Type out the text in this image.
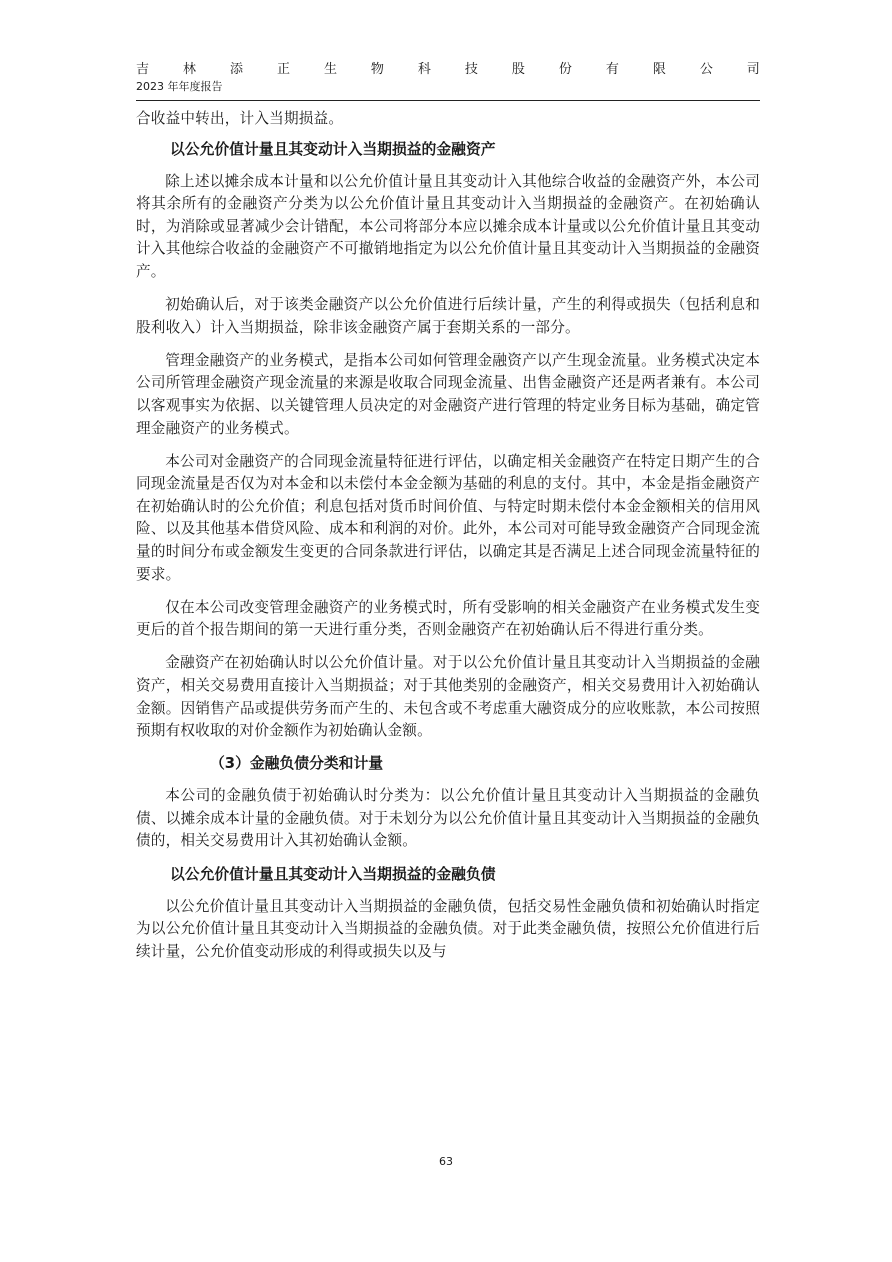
吉	林	添	正	生	物	科	技	股	份	有	限	公	司
2023 年年度报告

合收益中转出，计入当期损益。

以公允价值计量且其变动计入当期损益的金融资产

除上述以摊余成本计量和以公允价值计量且其变动计入其他综合收益的金融资产外，本公司将其余所有的金融资产分类为以公允价值计量且其变动计入当期损益的金融资产。在初始确认时，为消除或显著减少会计错配，本公司将部分本应以摊余成本计量或以公允价值计量且其变动计入其他综合收益的金融资产不可撤销地指定为以公允价值计量且其变动计入当期损益的金融资产。

初始确认后，对于该类金融资产以公允价值进行后续计量，产生的利得或损失（包括利息和股利收入）计入当期损益，除非该金融资产属于套期关系的一部分。

管理金融资产的业务模式，是指本公司如何管理金融资产以产生现金流量。业务模式决定本公司所管理金融资产现金流量的来源是收取合同现金流量、出售金融资产还是两者兼有。本公司以客观事实为依据、以关键管理人员决定的对金融资产进行管理的特定业务目标为基础，确定管理金融资产的业务模式。

本公司对金融资产的合同现金流量特征进行评估，以确定相关金融资产在特定日期产生的合同现金流量是否仅为对本金和以未偿付本金金额为基础的利息的支付。其中，本金是指金融资产在初始确认时的公允价值；利息包括对货币时间价值、与特定时期未偿付本金金额相关的信用风险、以及其他基本借贷风险、成本和利润的对价。此外，本公司对可能导致金融资产合同现金流量的时间分布或金额发生变更的合同条款进行评估，以确定其是否满足上述合同现金流量特征的要求。

仅在本公司改变管理金融资产的业务模式时，所有受影响的相关金融资产在业务模式发生变更后的首个报告期间的第一天进行重分类，否则金融资产在初始确认后不得进行重分类。

金融资产在初始确认时以公允价值计量。对于以公允价值计量且其变动计入当期损益的金融资产，相关交易费用直接计入当期损益；对于其他类别的金融资产，相关交易费用计入初始确认金额。因销售产品或提供劳务而产生的、未包含或不考虑重大融资成分的应收账款，本公司按照预期有权收取的对价金额作为初始确认金额。

（3）金融负债分类和计量

本公司的金融负债于初始确认时分类为：以公允价值计量且其变动计入当期损益的金融负债、以摊余成本计量的金融负债。对于未划分为以公允价值计量且其变动计入当期损益的金融负债的，相关交易费用计入其初始确认金额。

以公允价值计量且其变动计入当期损益的金融负债

以公允价值计量且其变动计入当期损益的金融负债，包括交易性金融负债和初始确认时指定为以公允价值计量且其变动计入当期损益的金融负债。对于此类金融负债，按照公允价值进行后续计量，公允价值变动形成的利得或损失以及与

63
